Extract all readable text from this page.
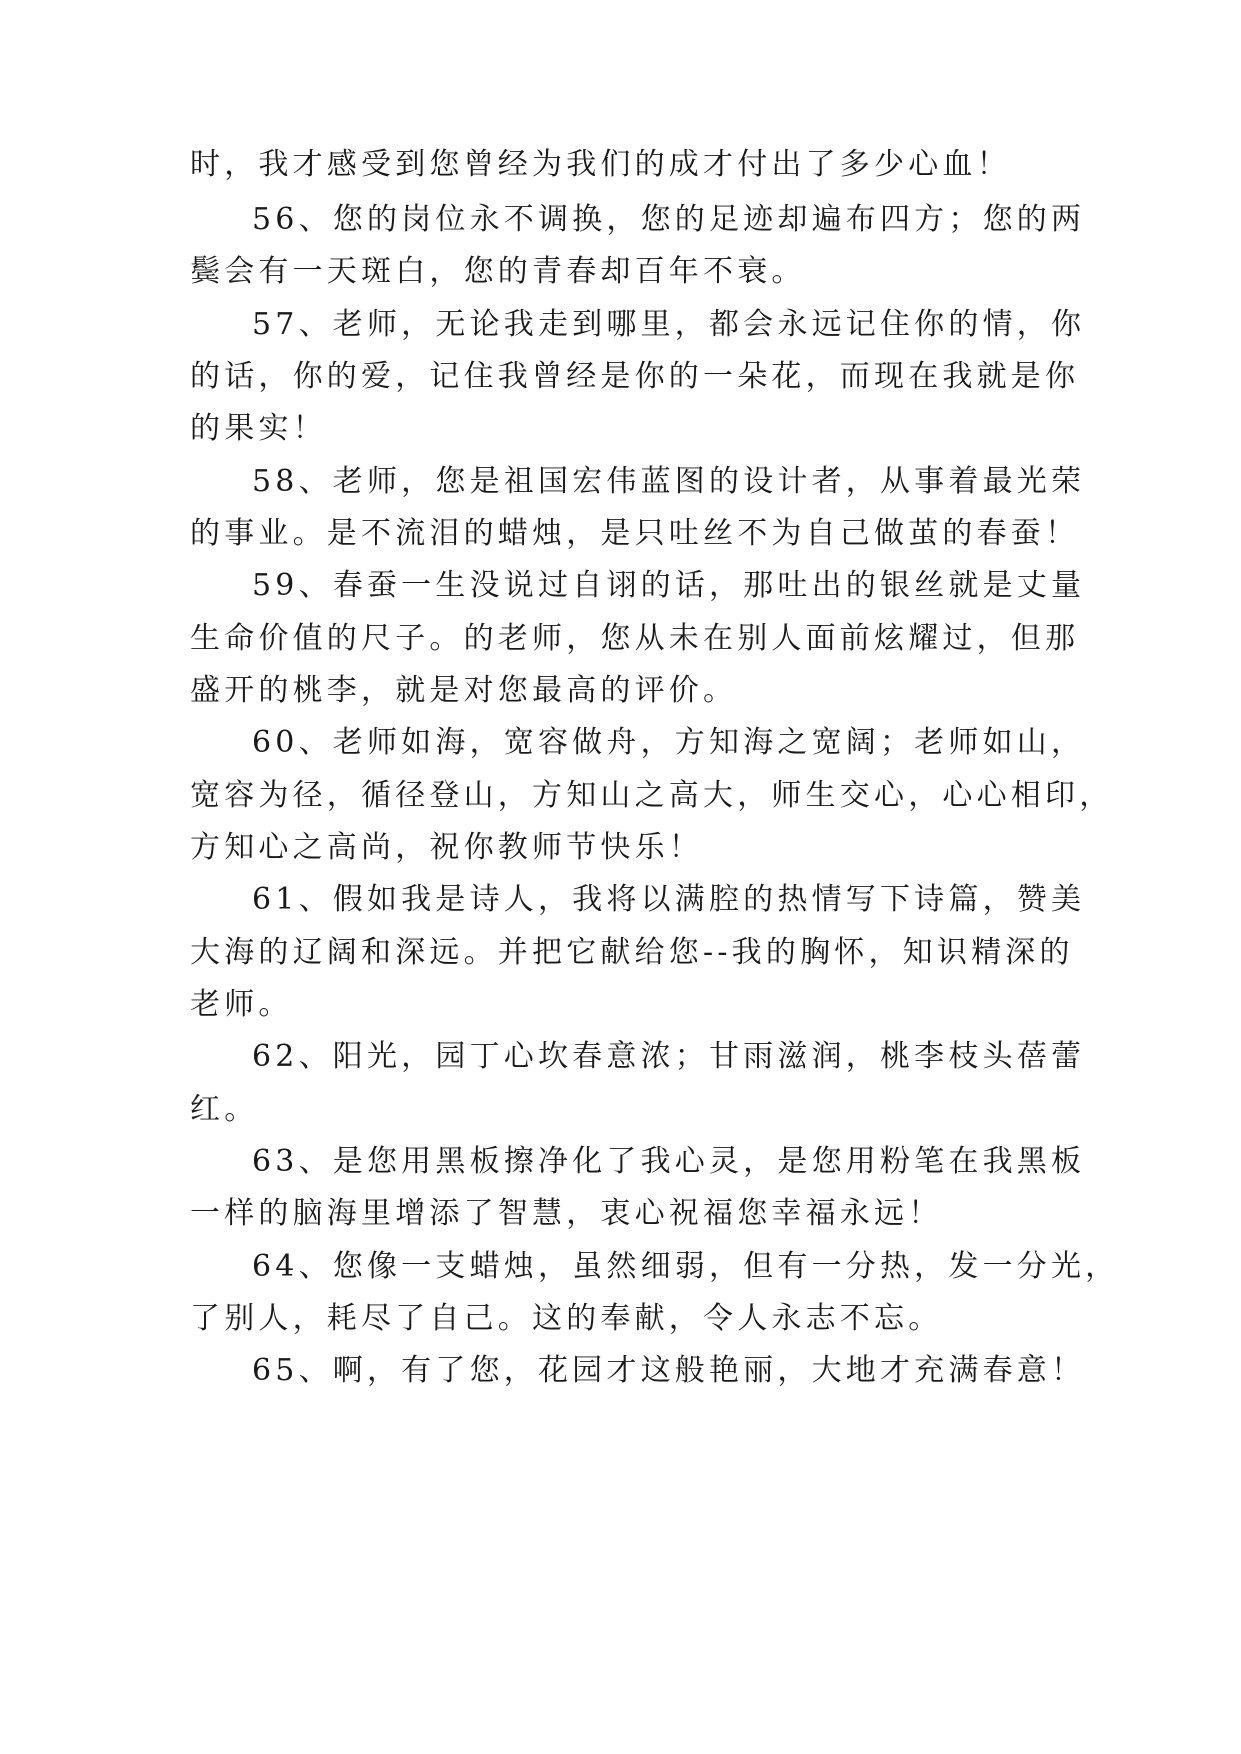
时，我才感受到您曾经为我们的成才付出了多少心血！
56、您的岗位永不调换，您的足迹却遍布四方；您的两
鬓会有一天斑白，您的青春却百年不衰。
57、老师，无论我走到哪里，都会永远记住你的情，你
的话，你的爱，记住我曾经是你的一朵花，而现在我就是你
的果实！
58、老师，您是祖国宏伟蓝图的设计者，从事着最光荣
的事业。是不流泪的蜡烛，是只吐丝不为自己做茧的春蚕！
59、春蚕一生没说过自诩的话，那吐出的银丝就是丈量
生命价值的尺子。的老师，您从未在别人面前炫耀过，但那
盛开的桃李，就是对您最高的评价。
60、老师如海，宽容做舟，方知海之宽阔；老师如山，
宽容为径，循径登山，方知山之高大，师生交心，心心相印，
方知心之高尚，祝你教师节快乐！
61、假如我是诗人，我将以满腔的热情写下诗篇，赞美
大海的辽阔和深远。并把它献给您--我的胸怀，知识精深的
老师。
62、阳光，园丁心坎春意浓；甘雨滋润，桃李枝头蓓蕾
红。
63、是您用黑板擦净化了我心灵，是您用粉笔在我黑板
一样的脑海里增添了智慧，衷心祝福您幸福永远！
64、您像一支蜡烛，虽然细弱，但有一分热，发一分光，
了别人，耗尽了自己。这的奉献，令人永志不忘。
65、啊，有了您，花园才这般艳丽，大地才充满春意！
